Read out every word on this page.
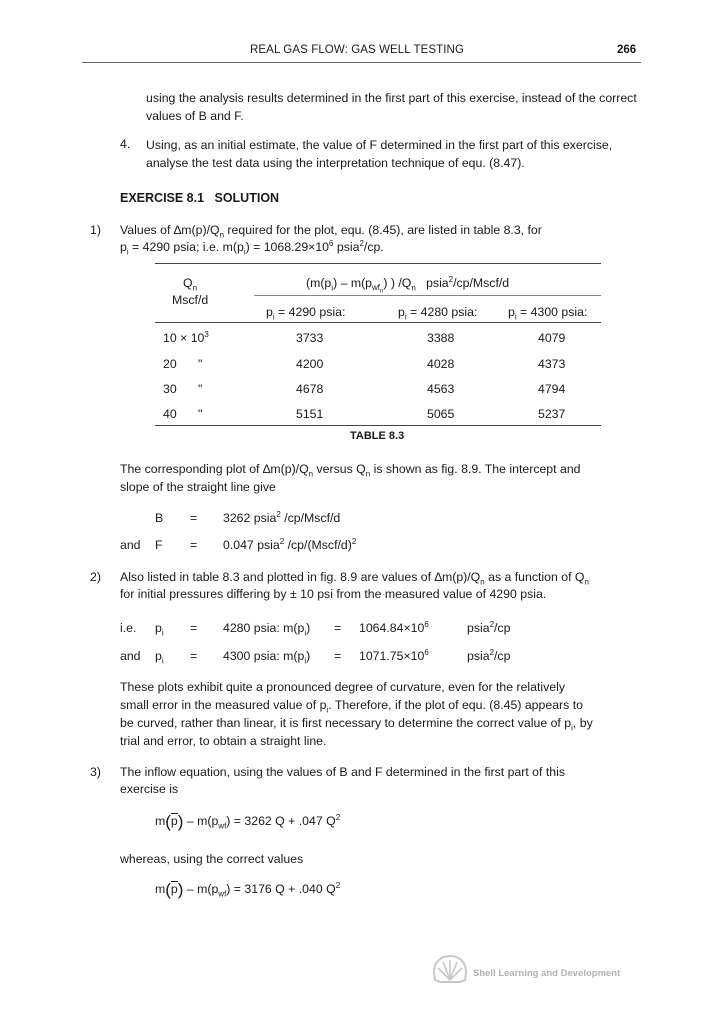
REAL GAS FLOW: GAS WELL TESTING	266
using the analysis results determined in the first part of this exercise, instead of the correct values of B and F.
4. Using, as an initial estimate, the value of F determined in the first part of this exercise, analyse the test data using the interpretation technique of equ. (8.47).
EXERCISE 8.1   SOLUTION
1) Values of $\Delta m(p)/Q_n$ required for the plot, equ. (8.45), are listed in table 8.3, for
$p_i = 4290$ psia; i.e. $m(p_i) = 1068.29\times 10^6$ psia$^2$/cp.
$Q_n$
Mscf/d
($m(p_i) - m(p_{wf_n})$ ) $/Q_n$   psia$^2$/cp/Mscf/d
$p_i = 4290$ psia:	$p_i = 4280$ psia: $p_i = 4300$ psia:
$10 \times 10^3$	3733	3388	4079
20 "	4200	4028	4373
30 "	4678	4563	4794
40 "	5151	5065	5237
TABLE 8.3
The corresponding plot of $\Delta m(p)/Q_n$ versus $Q_n$ is shown as fig. 8.9. The intercept and
slope of the straight line give
B = 3262 psia$^2$ /cp/Mscf/d
and F = 0.047 psia$^2$ /cp/(Mscf/d)$^2$
2) Also listed in table 8.3 and plotted in fig. 8.9 are values of $\Delta m(p)/Q_n$ as a function of $Q_n$
for initial pressures differing by ± 10 psi from the measured value of 4290 psia.
i.e. $p_i = 4280$ psia: $m(p_i) = 1064.84\times 10^6$	psia$^2$/cp
and $p_i = 4300$ psia: $m(p_i) = 1071.75\times 10^6$	psia$^2$/cp
These plots exhibit quite a pronounced degree of curvature, even for the relatively
small error in the measured value of $p_i$. Therefore, if the plot of equ. (8.45) appears to
be curved, rather than linear, it is first necessary to determine the correct value of $p_i$, by
trial and error, to obtain a straight line.
3) The inflow equation, using the values of B and F determined in the first part of this
exercise is
$m(\overline{p}) - m(p_{wf}) = 3262$ Q + .047 $Q^2$
whereas, using the correct values
$m(\overline{p}) - m(p_{wf}) = 3176$ Q + .040 $Q^2$
Shell Learning and Development
